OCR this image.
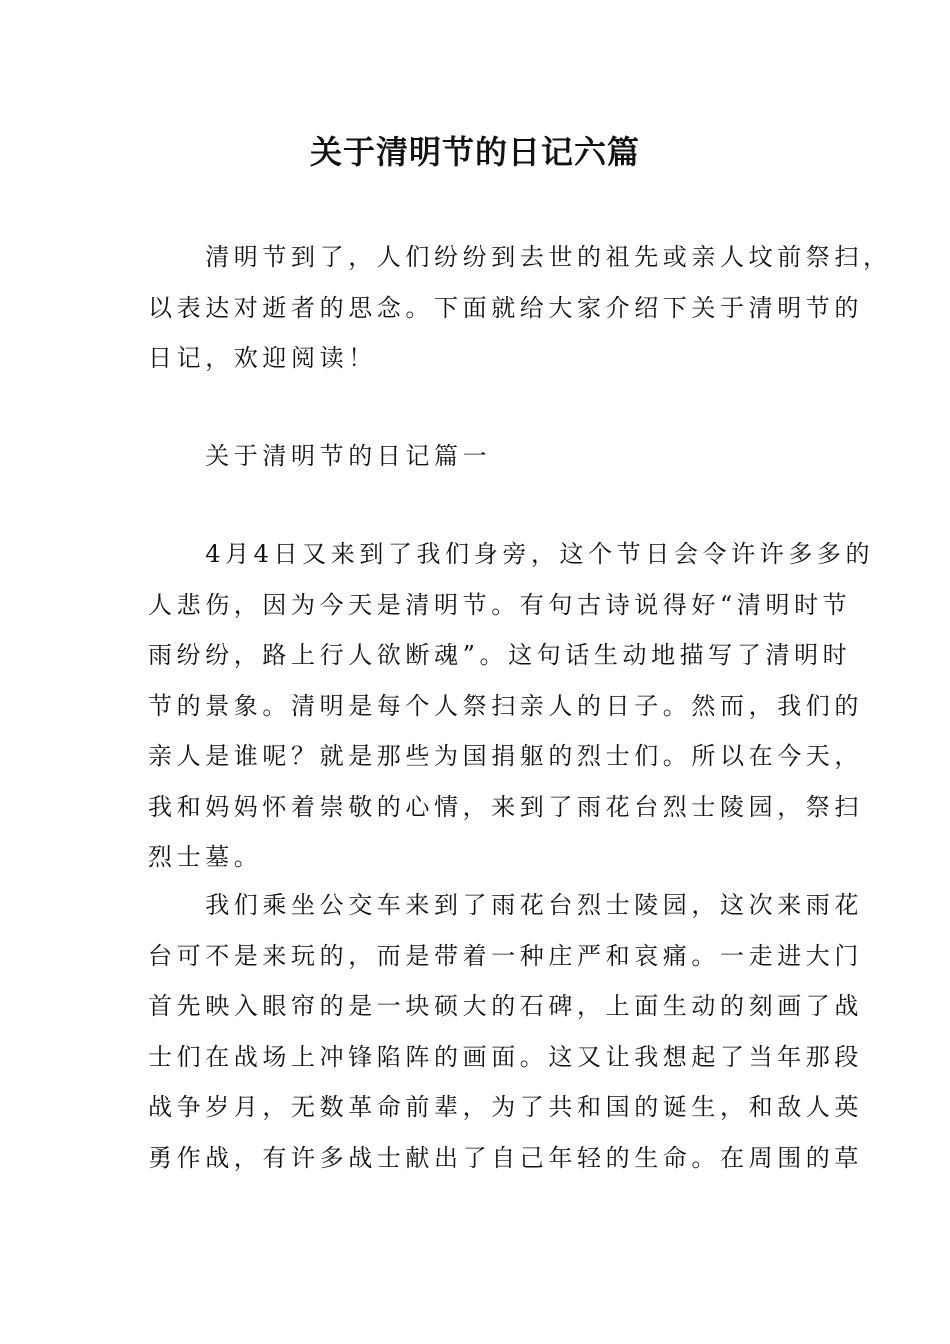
关于清明节的日记六篇
　　清明节到了，人们纷纷到去世的祖先或亲人坟前祭扫，
以表达对逝者的思念。下面就给大家介绍下关于清明节的
日记，欢迎阅读！
　　关于清明节的日记篇一
　　4月4日又来到了我们身旁，这个节日会令许许多多的
人悲伤，因为今天是清明节。有句古诗说得好“清明时节
雨纷纷，路上行人欲断魂”。这句话生动地描写了清明时
节的景象。清明是每个人祭扫亲人的日子。然而，我们的
亲人是谁呢？就是那些为国捐躯的烈士们。所以在今天，
我和妈妈怀着崇敬的心情，来到了雨花台烈士陵园，祭扫
烈士墓。
　　我们乘坐公交车来到了雨花台烈士陵园，这次来雨花
台可不是来玩的，而是带着一种庄严和哀痛。一走进大门
首先映入眼帘的是一块硕大的石碑，上面生动的刻画了战
士们在战场上冲锋陷阵的画面。这又让我想起了当年那段
战争岁月，无数革命前辈，为了共和国的诞生，和敌人英
勇作战，有许多战士献出了自己年轻的生命。在周围的草
